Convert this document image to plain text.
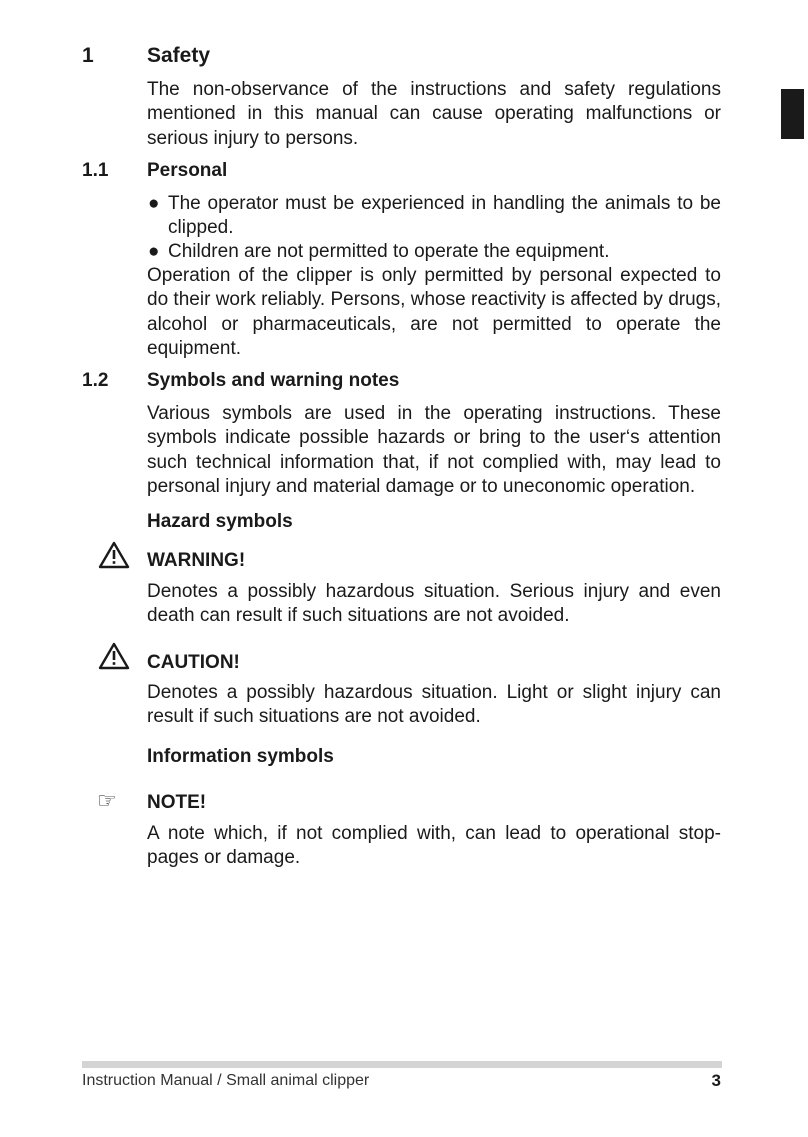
1	Safety

The non-observance of the instructions and safety regulations mentioned in this manual can cause operating malfunctions or serious injury to persons.

1.1 Personal
● The operator must be experienced in handling the animals to be clipped.
● Children are not permitted to operate the equipment.

Operation of the clipper is only permitted by personal expected to do their work reliably. Persons, whose reactivity is affected by drugs, alcohol or pharmaceuticals, are not permitted to operate the equipment.

1.2 Symbols and warning notes

Various symbols are used in the operating instructions. These symbols indicate possible hazards or bring to the user‘s attention such technical information that, if not complied with, may lead to personal injury and material damage or to uneconomic operation.

Hazard symbols
WARNING!

Denotes a possibly hazardous situation. Serious injury and even death can result if such situations are not avoided.

CAUTION!

Denotes a possibly hazardous situation. Light or slight injury can result if such situations are not avoided.

Information symbols
☞ NOTE!

A note which, if not complied with, can lead to operational stop-pages or damage.

Instruction Manual / Small animal clipper	3
